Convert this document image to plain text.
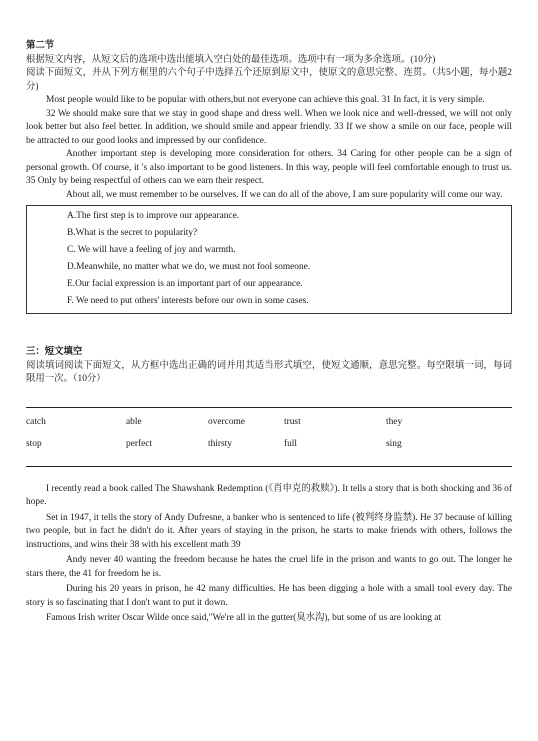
第二节

根据短文内容，从短文后的选项中选出能填入空白处的最佳选项。选项中有一项为多余选项。(10分)

阅读下面短文，并从下列方框里的六个句子中选择五个还原到原文中，使原文的意思完整、连贯。（共5小题，每小题2分)

Most people would like to be popular with others,but not everyone can achieve this goal. 31 In fact, it is very simple.

32 We should make sure that we stay in good shape and dress well. When we look nice and well-dressed, we will not only look better but also feel better. In addition, we should smile and appear friendly. 33 If we show a smile on our face, people will be attracted to our good looks and impressed by our confidence.

Another important step is developing more consideration for others. 34 Caring for other people can be a sign of personal growth. Of course, it 's also important to be good listeners. In this way, people will feel comfortable enough to trust us. 35 Only by being respectful of others can we earn their respect.

About all, we must remember to be ourselves. If we can do all of the above, I am sure popularity will come our way.

A.The first step is to improve our appearance.

B.What is the secret to popularity?

C. We will have a feeling of joy and warmth.

D.Meanwhile, no matter what we do, we must not fool someone.

E.Our facial expression is an important part of our appearance.

F. We need to put others' interests before our own in some cases.

三：短文填空

阅读填词阅读下面短文，从方框中选出正确的词并用其适当形式填空，使短文通顺，意思完整。每空限填一词，每词限用一次。（10分）

catch	able	overcome	trust	they
stop	perfect	thirsty	full	sing

I recently read a book called The Shawshank Redemption (《肖申克的救赎》). It tells a story that is both shocking and 36 of hope.

Set in 1947, it tells the story of Andy Dufresne, a banker who is sentenced to life (被判终身监禁). He 37 because of killing two people, but in fact he didn't do it. After years of staying in the prison, he starts to make friends with others, follows the instructions, and wins their 38 with his excellent math 39

Andy never 40 wanting the freedom because he hates the cruel life in the prison and wants to go out. The longer he stars there, the 41 for freedom he is.

During his 20 years in prison, he 42 many difficulties. He has been digging a hole with a small tool every day. The story is so fascinating that I don't want to put it down.

Famous Irish writer Oscar Wilde once said,"We're all in the gutter(臭水沟), but some of us are looking at
